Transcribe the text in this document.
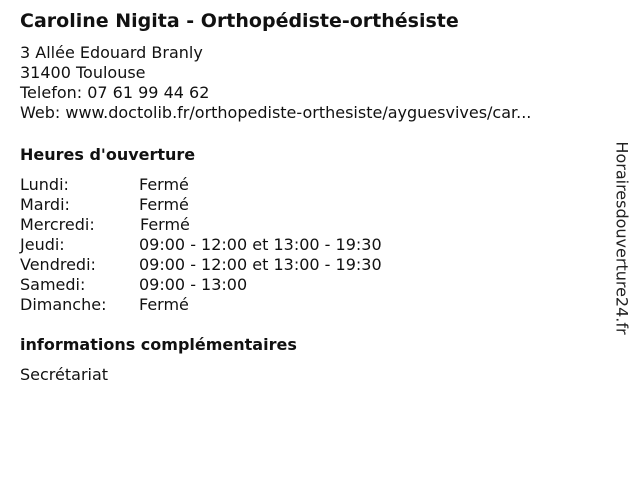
Caroline Nigita - Orthopédiste-orthésiste
3 Allée Edouard Branly
31400 Toulouse
Telefon: 07 61 99 44 62
Web: www.doctolib.fr/orthopediste-orthesiste/ayguesvives/car...
Heures d'ouverture
Lundi:	Fermé
Mardi:	Fermé
Mercredi:	Fermé
Jeudi:	09:00 - 12:00 et 13:00 - 19:30
Vendredi:	09:00 - 12:00 et 13:00 - 19:30
Samedi:	09:00 - 13:00
Dimanche: Fermé
informations complémentaires
Secrétariat
Horairesdouverture24.fr
